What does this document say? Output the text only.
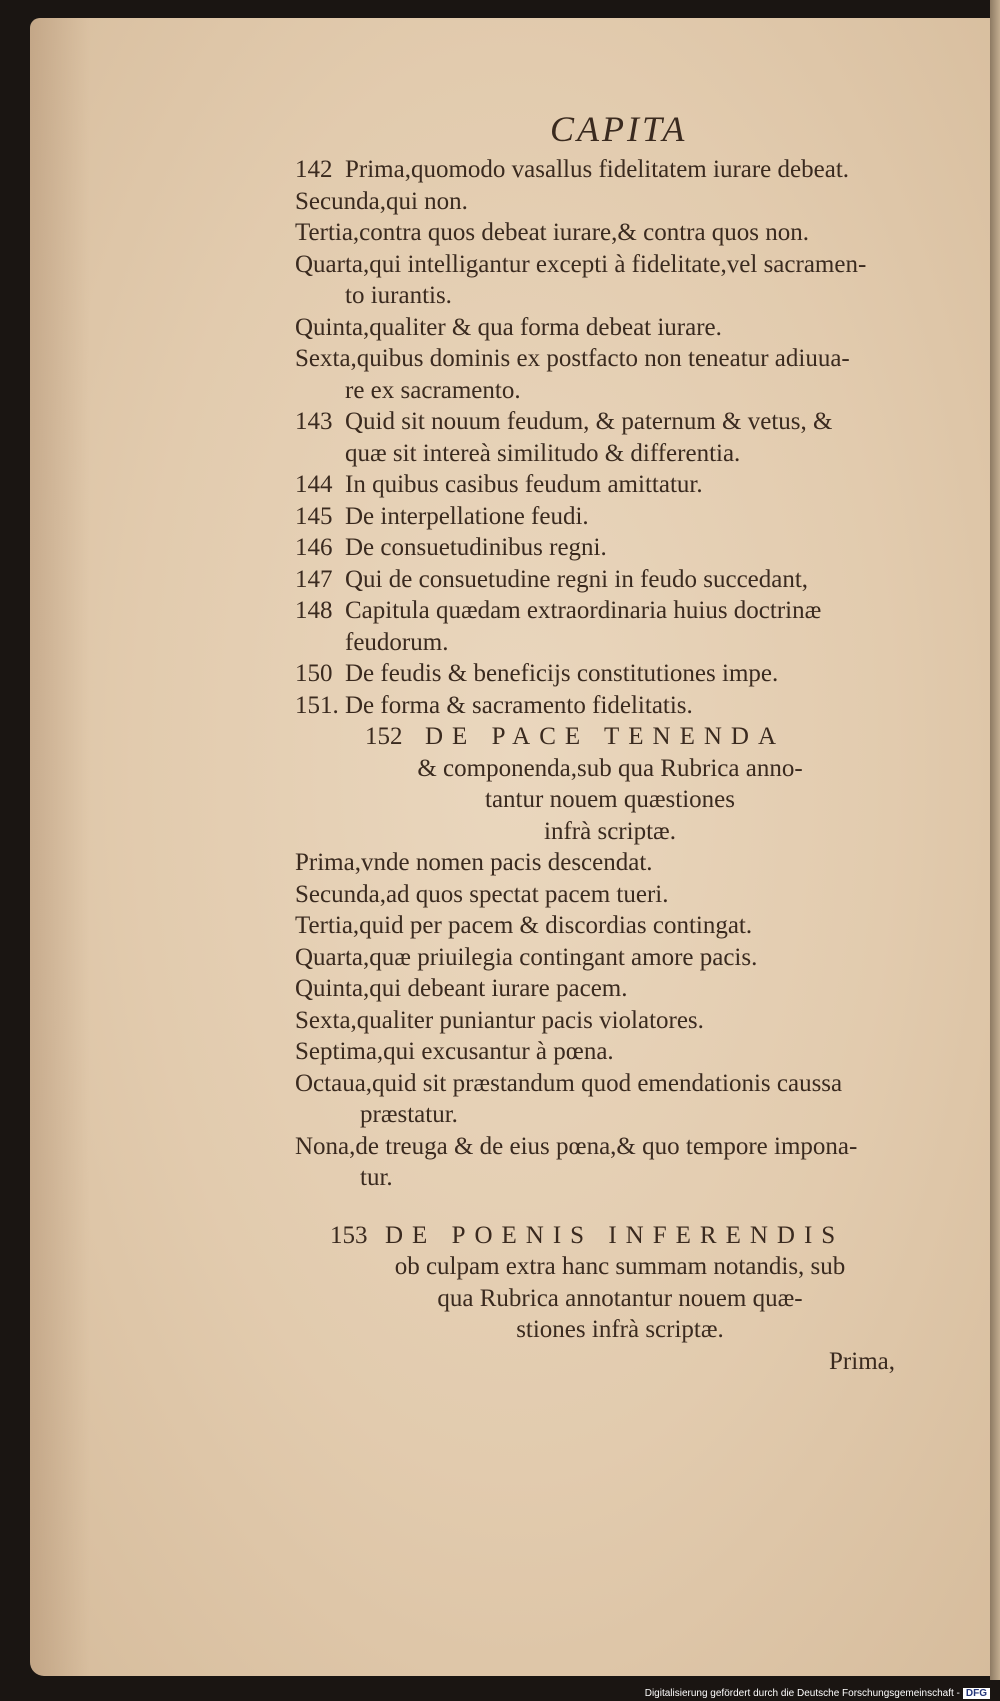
CAPITA
142 Prima,quomodo vasallus fidelitatem iurare debeat.
Secunda,qui non.
Tertia,contra quos debeat iurare,& contra quos non.
Quarta,qui intelligantur excepti à fidelitate,vel sacramen-
to iurantis.
Quinta,qualiter & qua forma debeat iurare.
Sexta,quibus dominis ex postfacto non teneatur adiuua-
re ex sacramento.
143 Quid sit nouum feudum, & paternum & vetus, &
quæ sit intereà similitudo & differentia.
144 In quibus casibus feudum amittatur.
145 De interpellatione feudi.
146 De consuetudinibus regni.
147 Qui de consuetudine regni in feudo succedant,
148 Capitula quædam extraordinaria huius doctrinæ
feudorum.
150 De feudis & beneficijs constitutiones impe.
151. De forma & sacramento fidelitatis.
152 DE PACE TENENDA
& componenda,sub qua Rubrica anno-
tantur nouem quæstiones
infrà scriptæ.
Prima,vnde nomen pacis descendat.
Secunda,ad quos spectat pacem tueri.
Tertia,quid per pacem & discordias contingat.
Quarta,quæ priuilegia contingant amore pacis.
Quinta,qui debeant iurare pacem.
Sexta,qualiter puniantur pacis violatores.
Septima,qui excusantur à pœna.
Octaua,quid sit præstandum quod emendationis caussa
præstatur.
Nona,de treuga & de eius pœna,& quo tempore impona-
tur.
153 DE POENIS INFERENDIS
ob culpam extra hanc summam notandis, sub
qua Rubrica annotantur nouem quæ-
stiones infrà scriptæ.
Prima,
Digitalisierung gefördert durch die Deutsche Forschungsgemeinschaft - DFG
